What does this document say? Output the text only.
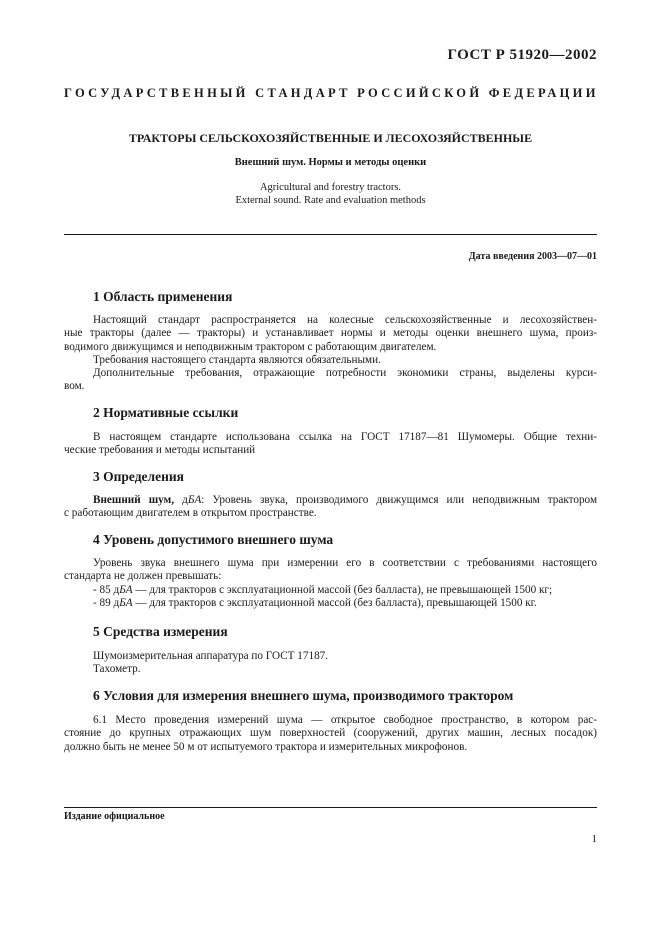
ГОСТ Р 51920—2002
ГОСУДАРСТВЕННЫЙ СТАНДАРТ РОССИЙСКОЙ ФЕДЕРАЦИИ
ТРАКТОРЫ СЕЛЬСКОХОЗЯЙСТВЕННЫЕ И ЛЕСОХОЗЯЙСТВЕННЫЕ
Внешний шум. Нормы и методы оценки
Agricultural and forestry tractors.
External sound. Rate and evaluation methods
Дата введения 2003—07—01
1 Область применения
Настоящий стандарт распространяется на колесные сельскохозяйственные и лесохозяйствен-
ные тракторы (далее — тракторы) и устанавливает нормы и методы оценки внешнего шума, произ-
водимого движущимся и неподвижным трактором с работающим двигателем.
Требования настоящего стандарта являются обязательными.
Дополнительные требования, отражающие потребности экономики страны, выделены курси-
вом.
2 Нормативные ссылки
В настоящем стандарте использована ссылка на ГОСТ 17187—81 Шумомеры. Общие техни-
ческие требования и методы испытаний
3 Определения
Внешний шум, дБA: Уровень звука, производимого движущимся или неподвижным трактором
с работающим двигателем в открытом пространстве.
4 Уровень допустимого внешнего шума
Уровень звука внешнего шума при измерении его в соответствии с требованиями настоящего
стандарта не должен превышать:
- 85 дБA — для тракторов с эксплуатационной массой (без балласта), не превышающей 1500 кг;
- 89 дБA — для тракторов с эксплуатационной массой (без балласта), превышающей 1500 кг.
5 Средства измерения
Шумоизмерительная аппаратура по ГОСТ 17187.
Тахометр.
6 Условия для измерения внешнего шума, производимого трактором
6.1 Место проведения измерений шума — открытое свободное пространство, в котором рас-
стояние до крупных отражающих шум поверхностей (сооружений, других машин, лесных посадок)
должно быть не менее 50 м от испытуемого трактора и измерительных микрофонов.
Издание официальное
1
